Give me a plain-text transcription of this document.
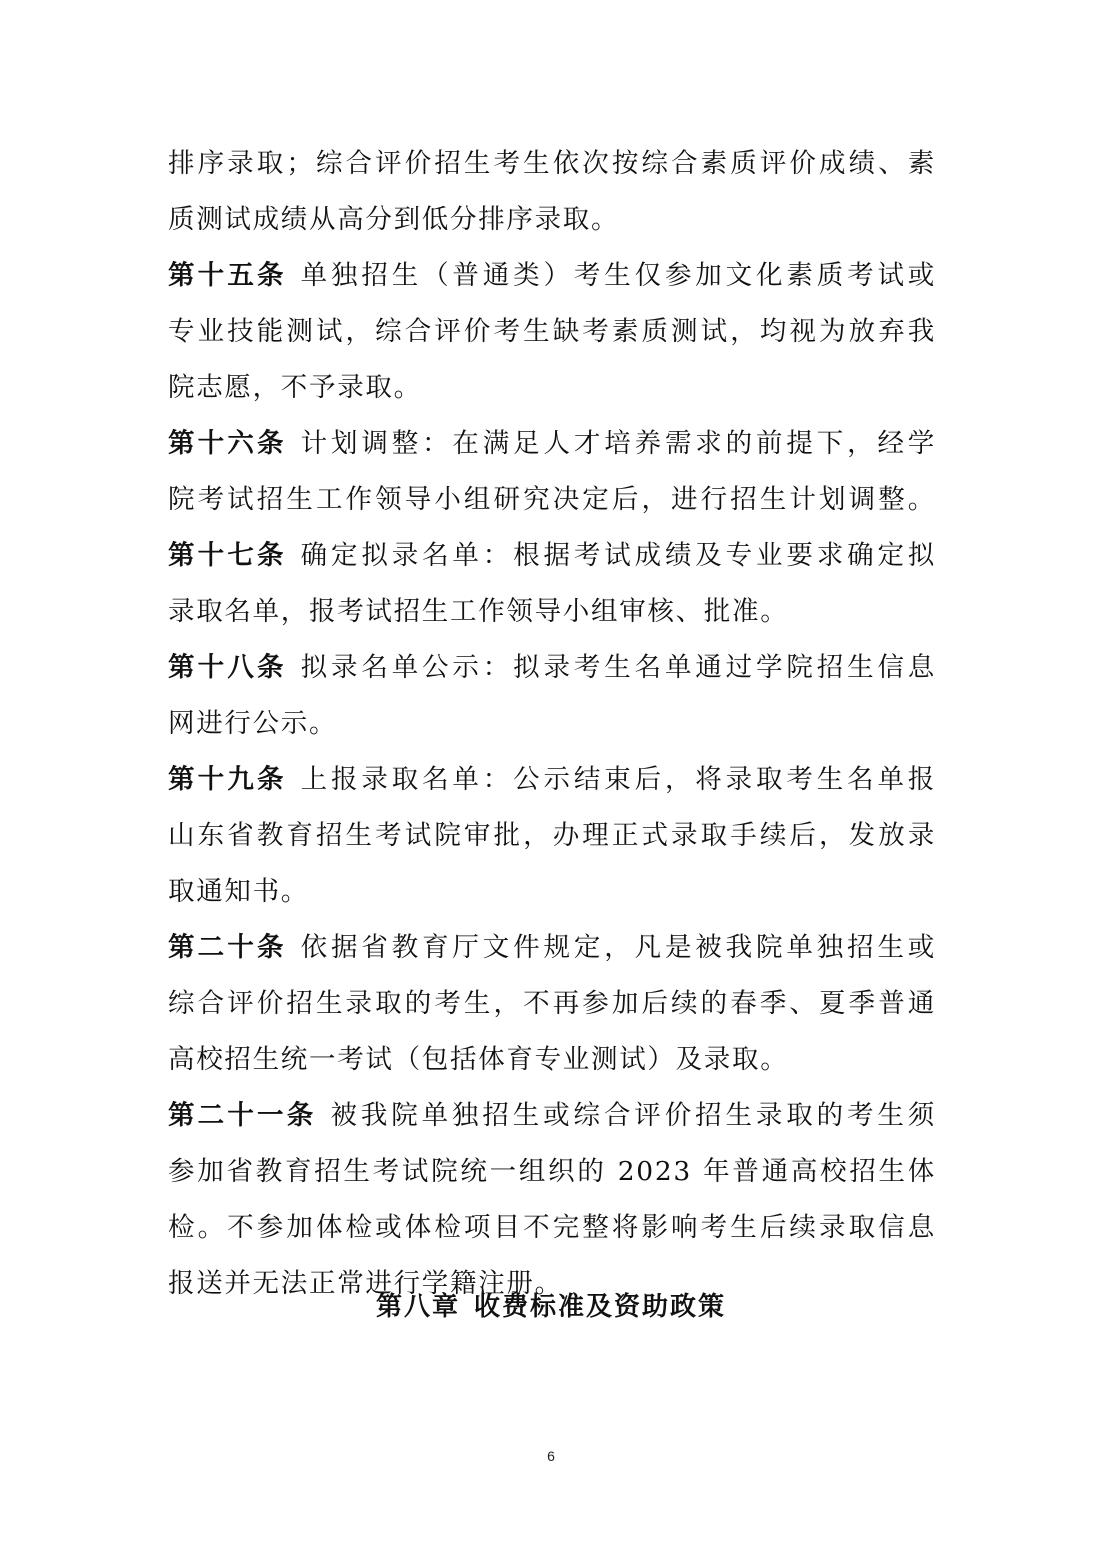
排序录取；综合评价招生考生依次按综合素质评价成绩、素
质测试成绩从高分到低分排序录取。
第十五条 单独招生（普通类）考生仅参加文化素质考试或
专业技能测试，综合评价考生缺考素质测试，均视为放弃我
院志愿，不予录取。
第十六条 计划调整：在满足人才培养需求的前提下，经学
院考试招生工作领导小组研究决定后，进行招生计划调整。
第十七条 确定拟录名单：根据考试成绩及专业要求确定拟
录取名单，报考试招生工作领导小组审核、批准。
第十八条 拟录名单公示：拟录考生名单通过学院招生信息
网进行公示。
第十九条 上报录取名单：公示结束后，将录取考生名单报
山东省教育招生考试院审批，办理正式录取手续后，发放录
取通知书。
第二十条 依据省教育厅文件规定，凡是被我院单独招生或
综合评价招生录取的考生，不再参加后续的春季、夏季普通
高校招生统一考试（包括体育专业测试）及录取。
第二十一条 被我院单独招生或综合评价招生录取的考生须
参加省教育招生考试院统一组织的 2023 年普通高校招生体
检。不参加体检或体检项目不完整将影响考生后续录取信息
报送并无法正常进行学籍注册。
第八章 收费标准及资助政策
6
